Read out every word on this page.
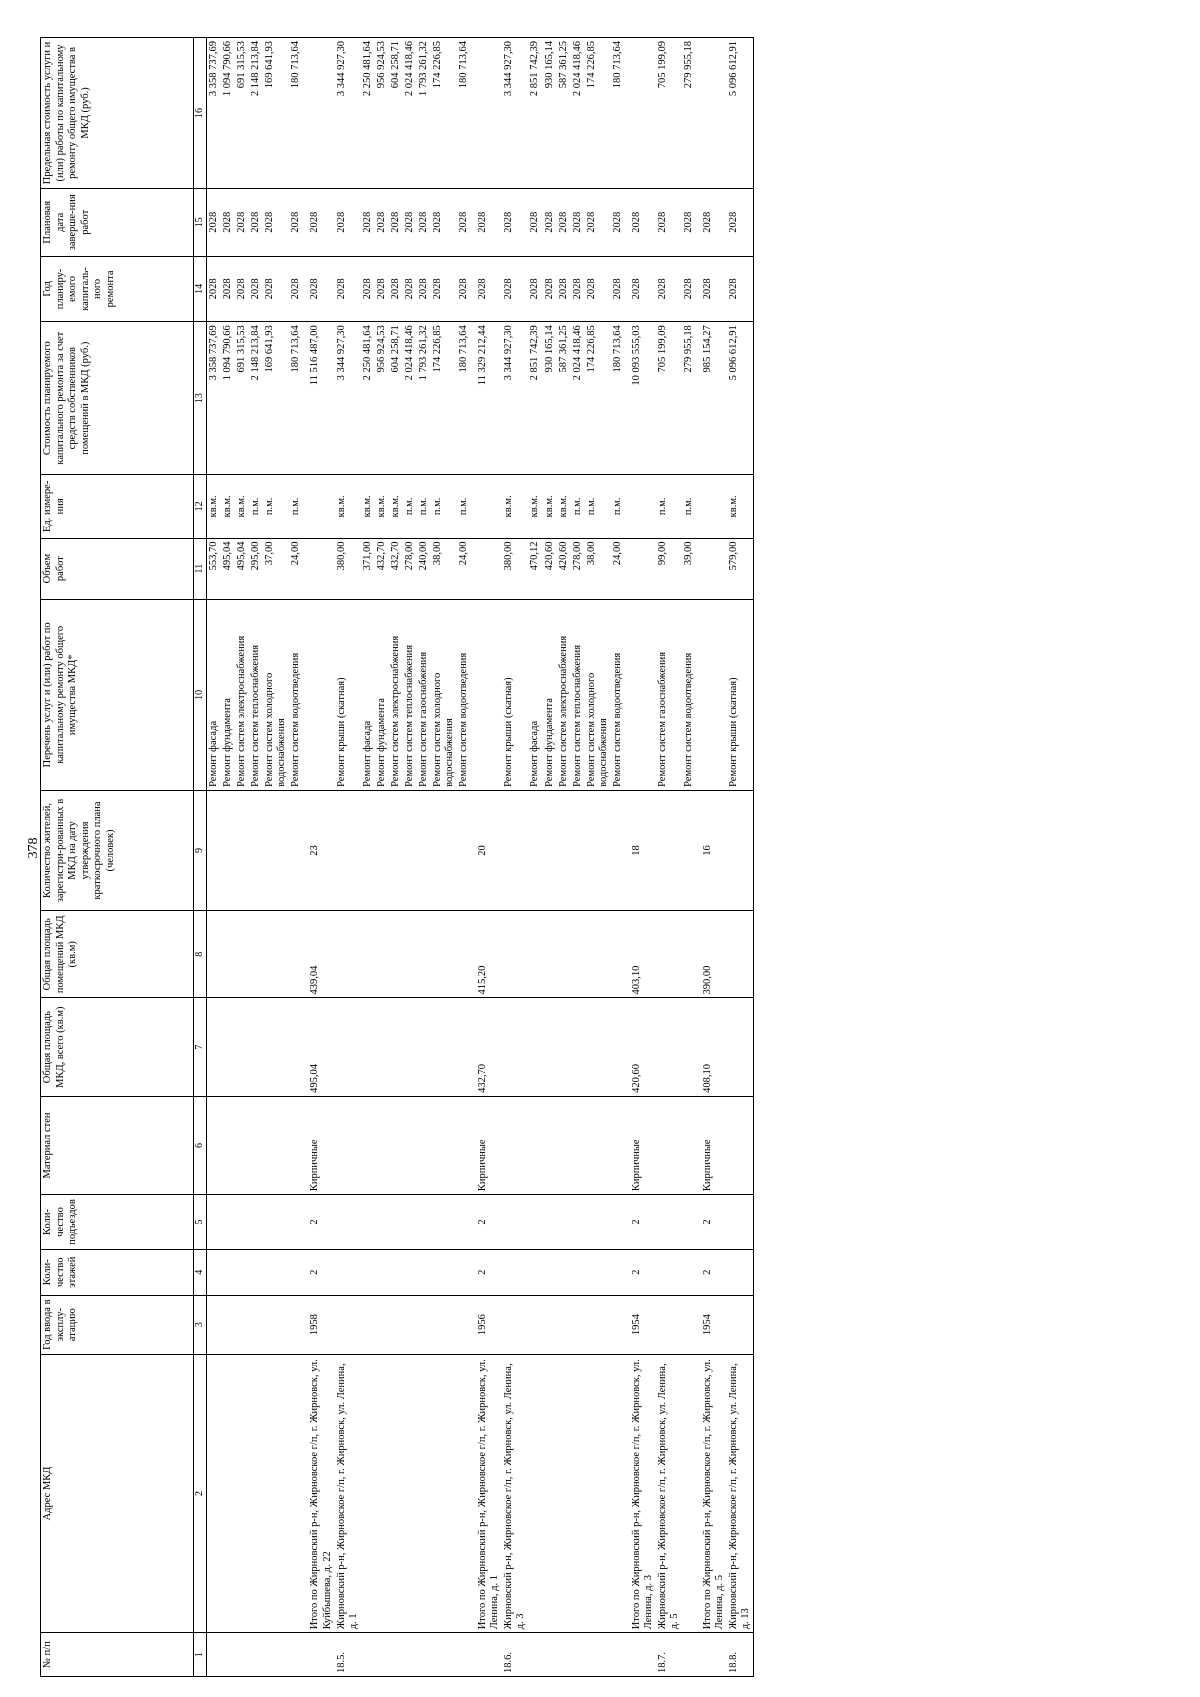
378
№ п/п	Адрес МКД	Год ввода в эксплу-атацию	Коли-чество этажей	Коли-чество подъездов	Материал стен	Общая площадь МКД, всего (кв.м)	Общая площадь помещений МКД (кв.м)	Количество жителей, зарегистри-рованных в МКД на дату утверждения краткосрочного плана (человек)	Перечень услуг и (или) работ по капитальному ремонту общего имущества МКД*	Объем работ	Ед. измере-ния	Стоимость планируемого капитального ремонта за счет средств собственников помещений в МКД (руб.)	Год планиру-емого капиталь-ного ремонта	Плановая дата заверше-ния работ	Предельная стоимость услуги и (или) работы по капитальному ремонту общего имущества в МКД (руб.)
1	2	3	4	5	6	7	8	9	10	11	12	13	14	15	16
									Ремонт фасада	553,70	кв.м.	3 358 737,69	2028	2028	3 358 737,69
									Ремонт фундамента	495,04	кв.м.	1 094 790,66	2028	2028	1 094 790,66
									Ремонт систем электроснабжения	495,04	кв.м.	691 315,53	2028	2028	691 315,53
									Ремонт систем теплоснабжения	295,00	п.м.	2 148 213,84	2028	2028	2 148 213,84
									Ремонт систем холодного водоснабжения	37,00	п.м.	169 641,93	2028	2028	169 641,93
									Ремонт систем водоотведения	24,00	п.м.	180 713,64	2028	2028	180 713,64
	Итого по Жирновский р-н, Жирновское г/п, г. Жирновск, ул. Куйбышева, д. 22	1958	2	2	Кирпичные	495,04	439,04	23				11 516 487,00	2028	2028	
18.5.	Жирновский р-н, Жирновское г/п, г. Жирновск, ул. Ленина, д. 1								Ремонт крыши (скатная)	380,00	кв.м.	3 344 927,30	2028	2028	3 344 927,30
									Ремонт фасада	371,00	кв.м.	2 250 481,64	2028	2028	2 250 481,64
									Ремонт фундамента	432,70	кв.м.	956 924,53	2028	2028	956 924,53
									Ремонт систем электроснабжения	432,70	кв.м.	604 258,71	2028	2028	604 258,71
									Ремонт систем теплоснабжения	278,00	п.м.	2 024 418,46	2028	2028	2 024 418,46
									Ремонт систем газоснабжения	240,00	п.м.	1 793 261,32	2028	2028	1 793 261,32
									Ремонт систем холодного водоснабжения	38,00	п.м.	174 226,85	2028	2028	174 226,85
									Ремонт систем водоотведения	24,00	п.м.	180 713,64	2028	2028	180 713,64
	Итого по Жирновский р-н, Жирновское г/п, г. Жирновск, ул. Ленина, д. 1	1956	2	2	Кирпичные	432,70	415,20	20				11 329 212,44	2028	2028	
18.6.	Жирновский р-н, Жирновское г/п, г. Жирновск, ул. Ленина, д. 3								Ремонт крыши (скатная)	380,00	кв.м.	3 344 927,30	2028	2028	3 344 927,30
									Ремонт фасада	470,12	кв.м.	2 851 742,39	2028	2028	2 851 742,39
									Ремонт фундамента	420,60	кв.м.	930 165,14	2028	2028	930 165,14
									Ремонт систем электроснабжения	420,60	кв.м.	587 361,25	2028	2028	587 361,25
									Ремонт систем теплоснабжения	278,00	п.м.	2 024 418,46	2028	2028	2 024 418,46
									Ремонт систем холодного водоснабжения	38,00	п.м.	174 226,85	2028	2028	174 226,85
									Ремонт систем водоотведения	24,00	п.м.	180 713,64	2028	2028	180 713,64
	Итого по Жирновский р-н, Жирновское г/п, г. Жирновск, ул. Ленина, д. 3	1954	2	2	Кирпичные	420,60	403,10	18				10 093 555,03	2028	2028	
18.7.	Жирновский р-н, Жирновское г/п, г. Жирновск, ул. Ленина, д. 5								Ремонт систем газоснабжения	99,00	п.м.	705 199,09	2028	2028	705 199,09
									Ремонт систем водоотведения	39,00	п.м.	279 955,18	2028	2028	279 955,18
	Итого по Жирновский р-н, Жирновское г/п, г. Жирновск, ул. Ленина, д. 5	1954	2	2	Кирпичные	408,10	390,00	16				985 154,27	2028	2028	
18.8.	Жирновский р-н, Жирновское г/п, г. Жирновск, ул. Ленина, д. 13								Ремонт крыши (скатная)	579,00	кв.м.	5 096 612,91	2028	2028	5 096 612,91
